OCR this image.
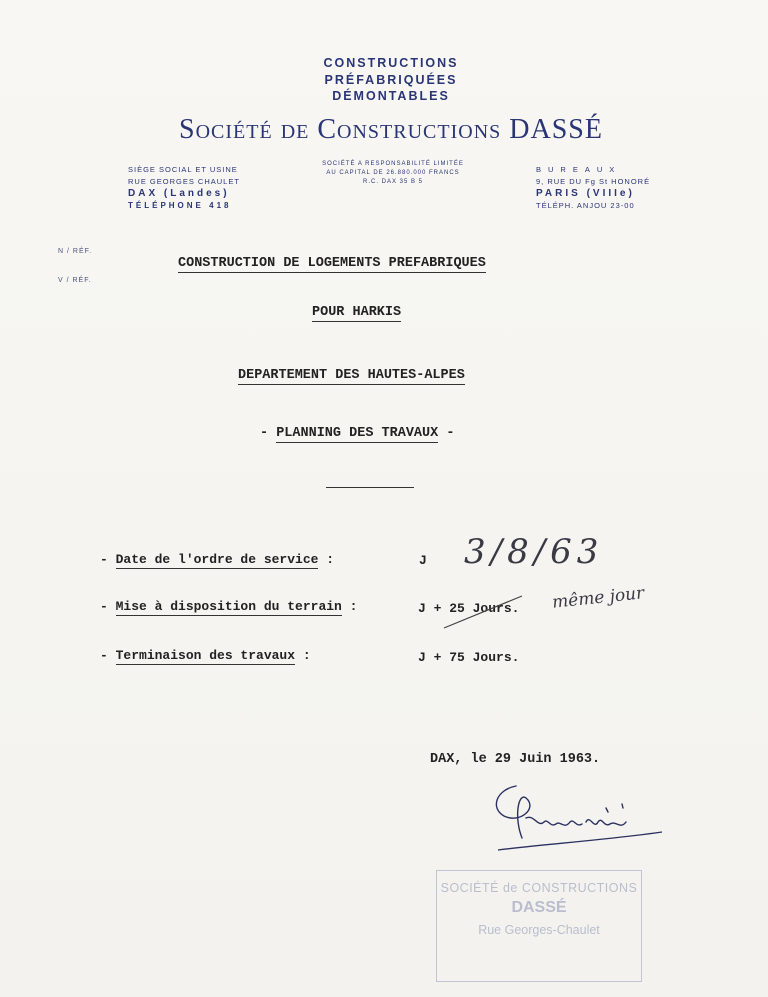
CONSTRUCTIONS
PRÉFABRIQUÉES
DÉMONTABLES
Société de Constructions DASSÉ
SIÈGE SOCIAL ET USINE
RUE GEORGES CHAULET
DAX (Landes)
TÉLÉPHONE 418
SOCIÉTÉ A RESPONSABILITÉ LIMITÉE
AU CAPITAL DE 26.880.000 FRANCS
R.C. DAX 35 B 5
BUREAUX
9, RUE DU Fg St HONORÉ
PARIS (VIIIe)
TÉLÉPH. ANJOU 23-00
N / RÉF.
V / RÉF.
CONSTRUCTION DE LOGEMENTS PREFABRIQUES
POUR HARKIS
DEPARTEMENT DES HAUTES-ALPES
- PLANNING DES TRAVAUX -
- Date de l'ordre de service :	J 3/8/63
- Mise à disposition du terrain :	J + 25 Jours. même jour
- Terminaison des travaux :	J + 75 Jours.
DAX, le 29 Juin 1963.
SOCIÉTÉ de CONSTRUCTIONS
DASSÉ
Rue Georges-Chaulet
